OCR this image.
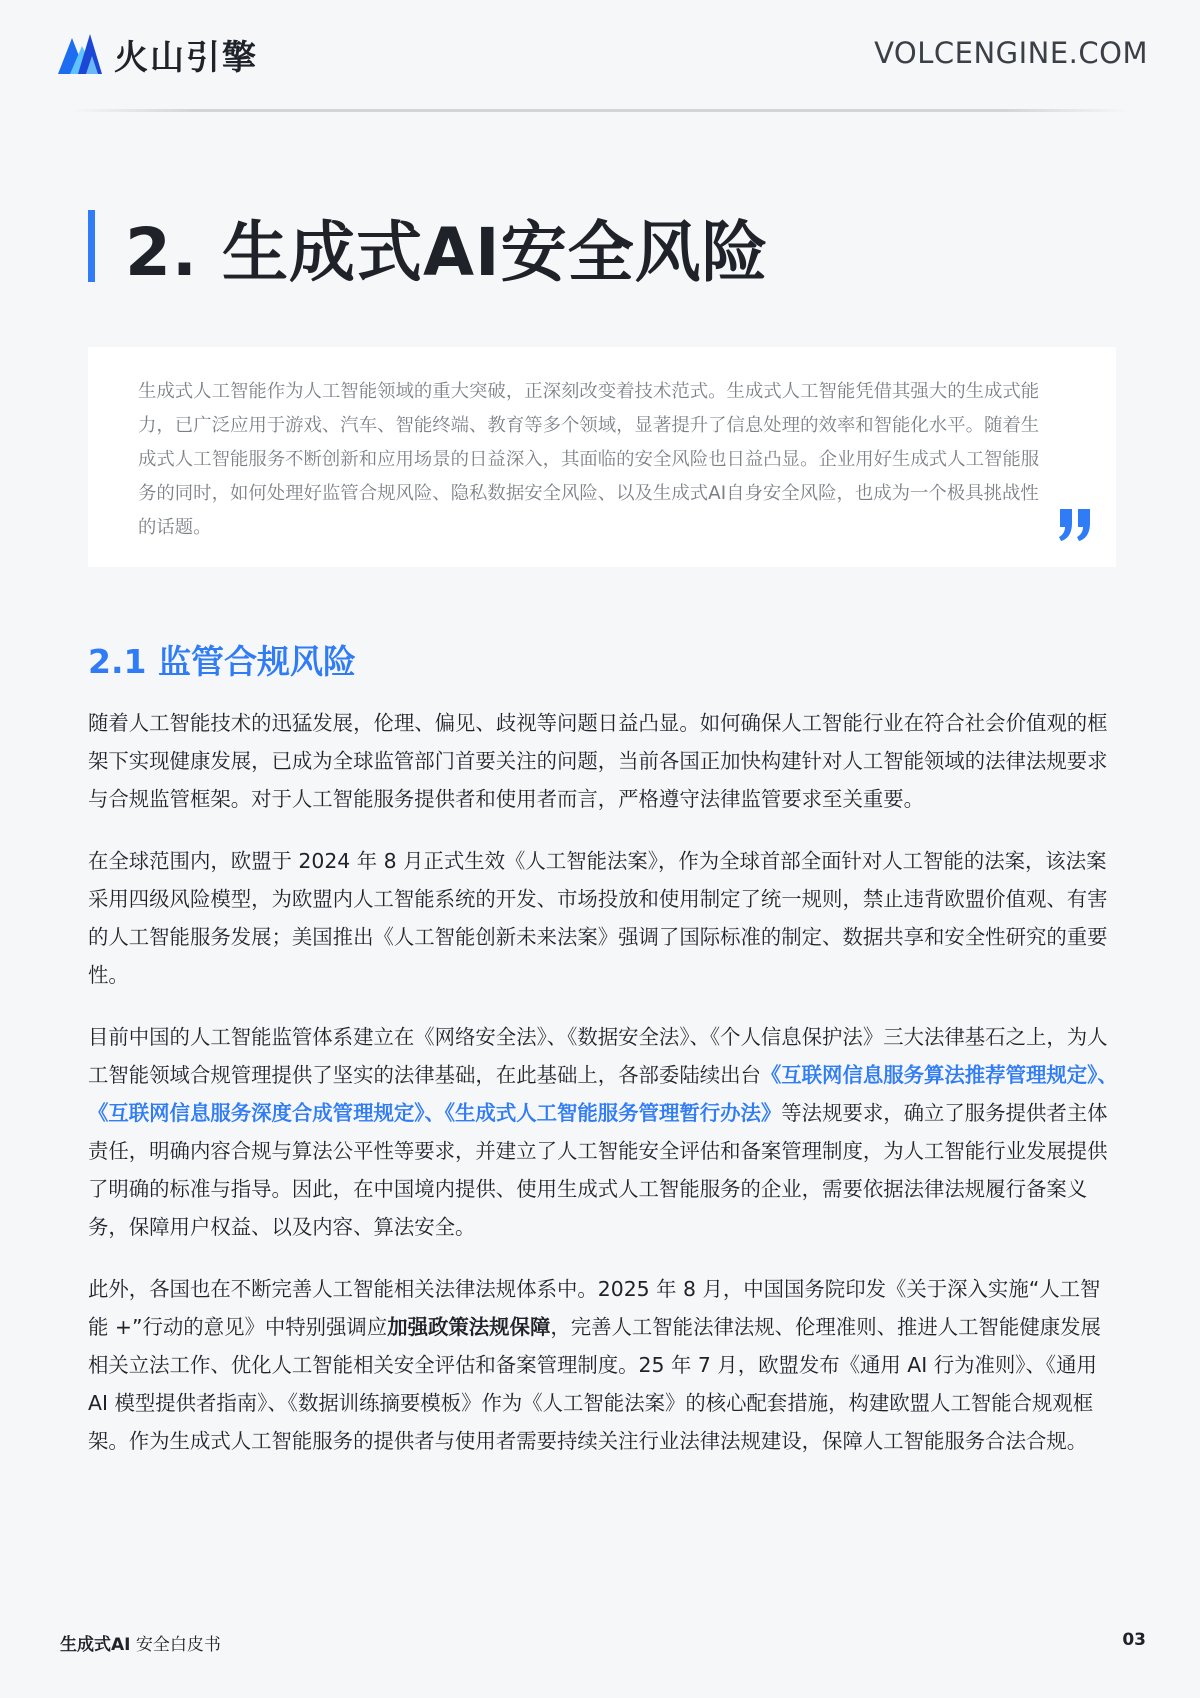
火山引擎	VOLCENGINE.COM
2. 生成式AI安全风险
生成式人工智能作为人工智能领域的重大突破，正深刻改变着技术范式。生成式人工智能凭借其强大的生成式能力，已广泛应用于游戏、汽车、智能终端、教育等多个领域，显著提升了信息处理的效率和智能化水平。随着生成式人工智能服务不断创新和应用场景的日益深入，其面临的安全风险也日益凸显。企业用好生成式人工智能服务的同时，如何处理好监管合规风险、隐私数据安全风险、以及生成式AI自身安全风险，也成为一个极具挑战性的话题。
2.1 监管合规风险

随着人工智能技术的迅猛发展，伦理、偏见、歧视等问题日益凸显。如何确保人工智能行业在符合社会价值观的框架下实现健康发展，已成为全球监管部门首要关注的问题，当前各国正加快构建针对人工智能领域的法律法规要求与合规监管框架。对于人工智能服务提供者和使用者而言，严格遵守法律监管要求至关重要。

在全球范围内，欧盟于 2024 年 8 月正式生效《人工智能法案》，作为全球首部全面针对人工智能的法案，该法案采用四级风险模型，为欧盟内人工智能系统的开发、市场投放和使用制定了统一规则，禁止违背欧盟价值观、有害的人工智能服务发展；美国推出《人工智能创新未来法案》强调了国际标准的制定、数据共享和安全性研究的重要性。

目前中国的人工智能监管体系建立在《网络安全法》、《数据安全法》、《个人信息保护法》三大法律基石之上，为人工智能领域合规管理提供了坚实的法律基础，在此基础上，各部委陆续出台《互联网信息服务算法推荐管理规定》、《互联网信息服务深度合成管理规定》、《生成式人工智能服务管理暂行办法》等法规要求，确立了服务提供者主体责任，明确内容合规与算法公平性等要求，并建立了人工智能安全评估和备案管理制度，为人工智能行业发展提供了明确的标准与指导。因此，在中国境内提供、使用生成式人工智能服务的企业，需要依据法律法规履行备案义务，保障用户权益、以及内容、算法安全。

此外，各国也在不断完善人工智能相关法律法规体系中。2025 年 8 月，中国国务院印发《关于深入实施“人工智能 +”行动的意见》中特别强调应加强政策法规保障，完善人工智能法律法规、伦理准则、推进人工智能健康发展相关立法工作、优化人工智能相关安全评估和备案管理制度。25 年 7 月，欧盟发布《通用 AI 行为准则》、《通用 AI 模型提供者指南》、《数据训练摘要模板》作为《人工智能法案》的核心配套措施，构建欧盟人工智能合规观框架。作为生成式人工智能服务的提供者与使用者需要持续关注行业法律法规建设，保障人工智能服务合法合规。

生成式AI 安全白皮书	03
